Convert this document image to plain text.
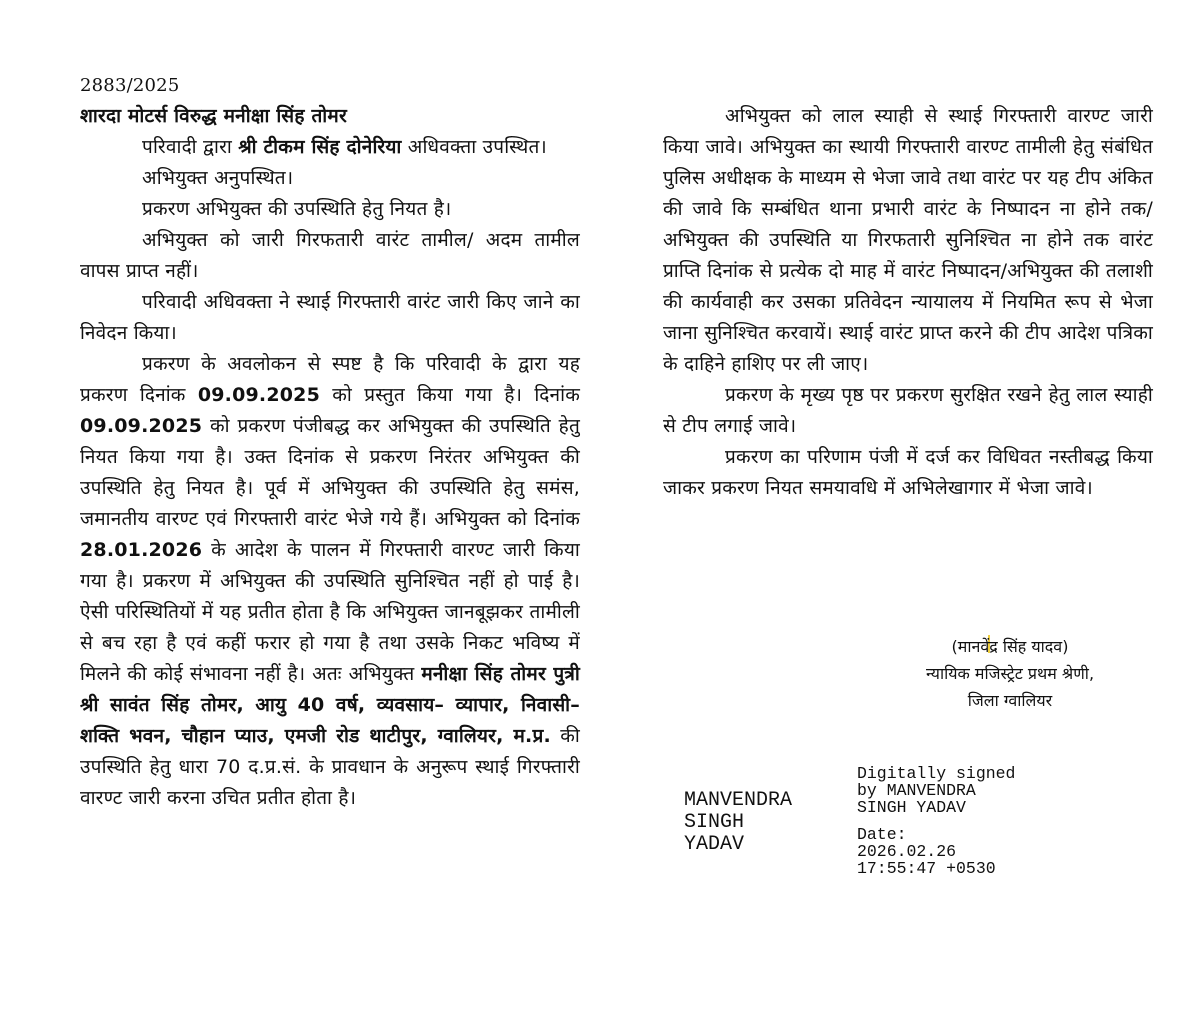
2883/2025

शारदा मोटर्स विरुद्ध मनीक्षा सिंह तोमर

परिवादी द्वारा श्री टीकम सिंह दोनेरिया अधिवक्ता उपस्थित।

अभियुक्त अनुपस्थित।

प्रकरण अभियुक्त की उपस्थिति हेतु नियत है।

अभियुक्त को जारी गिरफतारी वारंट तामील/ अदम तामील वापस प्राप्त नहीं।

परिवादी अधिवक्ता ने स्थाई गिरफ्तारी वारंट जारी किए जाने का निवेदन किया।

प्रकरण के अवलोकन से स्पष्ट है कि परिवादी के द्वारा यह प्रकरण दिनांक 09.09.2025 को प्रस्तुत किया गया है। दिनांक 09.09.2025 को प्रकरण पंजीबद्ध कर अभियुक्त की उपस्थिति हेतु नियत किया गया है। उक्त दिनांक से प्रकरण निरंतर अभियुक्त की उपस्थिति हेतु नियत है। पूर्व में अभियुक्त की उपस्थिति हेतु समंस, जमानतीय वारण्ट एवं गिरफ्तारी वारंट भेजे गये हैं। अभियुक्त को दिनांक 28.01.2026 के आदेश के पालन में गिरफ्तारी वारण्ट जारी किया गया है। प्रकरण में अभियुक्त की उपस्थिति सुनिश्चित नहीं हो पाई है। ऐसी परिस्थितियों में यह प्रतीत होता है कि अभियुक्त जानबूझकर तामीली से बच रहा है एवं कहीं फरार हो गया है तथा उसके निकट भविष्य में मिलने की कोई संभावना नहीं है। अतः अभियुक्त मनीक्षा सिंह तोमर पुत्री श्री सावंत सिंह तोमर, आयु 40 वर्ष, व्यवसाय– व्यापार, निवासी– शक्ति भवन, चौहान प्याउ, एमजी रोड थाटीपुर, ग्वालियर, म.प्र. की उपस्थिति हेतु धारा 70 द.प्र.सं. के प्रावधान के अनुरूप स्थाई गिरफ्तारी वारण्ट जारी करना उचित प्रतीत होता है।

अभियुक्त को लाल स्याही से स्थाई गिरफ्तारी वारण्ट जारी किया जावे। अभियुक्त का स्थायी गिरफ्तारी वारण्ट तामीली हेतु संबंधित पुलिस अधीक्षक के माध्यम से भेजा जावे तथा वारंट पर यह टीप अंकित की जावे कि सम्बंधित थाना प्रभारी वारंट के निष्पादन ना होने तक/अभियुक्त की उपस्थिति या गिरफतारी सुनिश्चित ना होने तक वारंट प्राप्ति दिनांक से प्रत्येक दो माह में वारंट निष्पादन/अभियुक्त की तलाशी की कार्यवाही कर उसका प्रतिवेदन न्यायालय में नियमित रूप से भेजा जाना सुनिश्चित करवायें। स्थाई वारंट प्राप्त करने की टीप आदेश पत्रिका के दाहिने हाशिए पर ली जाए।

प्रकरण के मृख्य पृष्ठ पर प्रकरण सुरक्षित रखने हेतु लाल स्याही से टीप लगाई जावे।

प्रकरण का परिणाम पंजी में दर्ज कर विधिवत नस्तीबद्ध किया जाकर प्रकरण नियत समयावधि में अभिलेखागार में भेजा जावे।

(मानवेंद्र सिंह यादव)
न्यायिक मजिस्ट्रेट प्रथम श्रेणी,
जिला ग्वालियर
MANVENDRA
SINGH
YADAV
Digitally signed
by MANVENDRA
SINGH YADAV
Date:
2026.02.26
17:55:47 +0530
